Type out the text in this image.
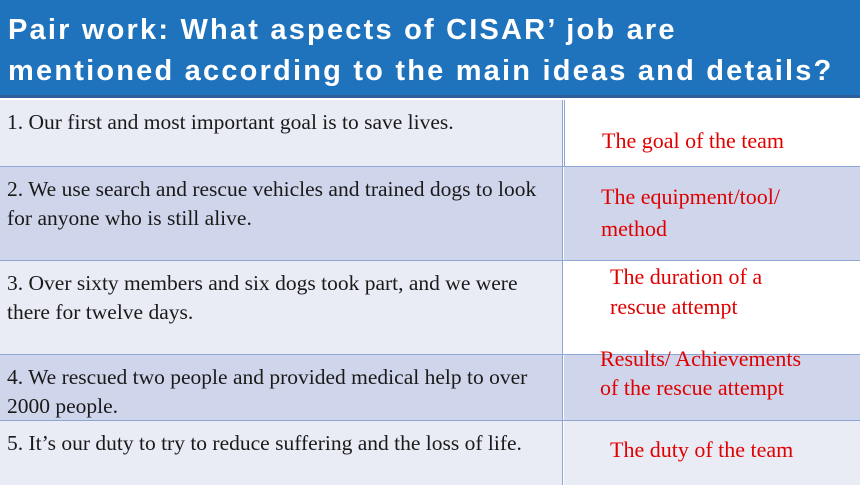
Pair work: What aspects of CISAR’ job are
mentioned according to the main ideas and details?
1. Our first and most important goal is to save lives.
The goal of the team
2. We use search and rescue vehicles and trained dogs to look for anyone who is still alive.
The equipment/tool/
method
3. Over sixty members and six dogs took part, and we were there for twelve days.
The duration of a
rescue attempt
4. We rescued two people and provided medical help to over 2000 people.
Results/ Achievements
of the rescue attempt
5. It’s our duty to try to reduce suffering and the loss of life.	The duty of the team
